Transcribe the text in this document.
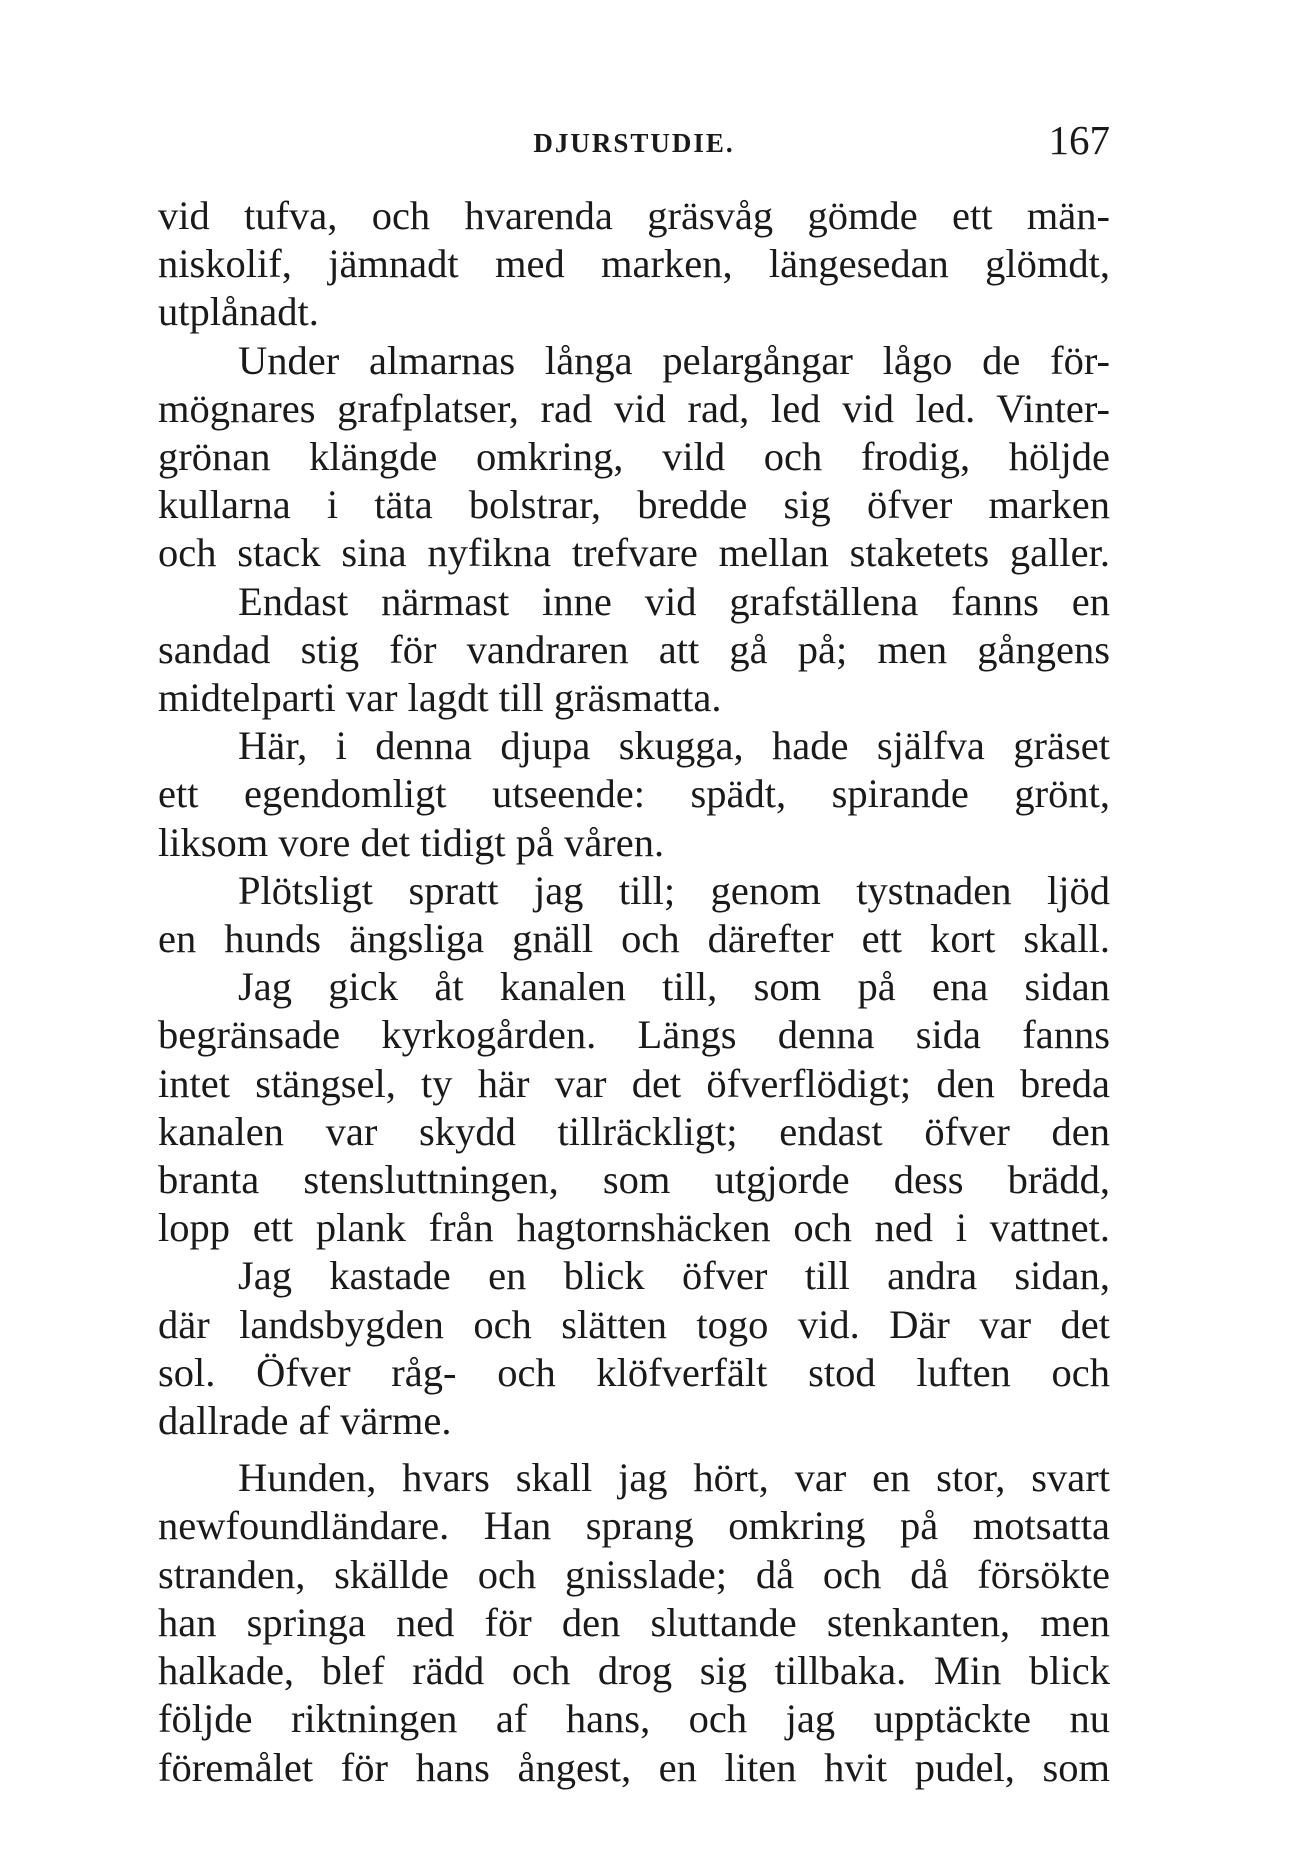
DJURSTUDIE.	167
vid tufva, och hvarenda gräsvåg gömde ett män-
niskolif, jämnadt med marken, längesedan glömdt,
utplånadt.
Under almarnas långa pelargångar lågo de för-
mögnares grafplatser, rad vid rad, led vid led. Vinter-
grönan klängde omkring, vild och frodig, höljde
kullarna i täta bolstrar, bredde sig öfver marken
och stack sina nyfikna trefvare mellan staketets galler.
Endast närmast inne vid grafställena fanns en
sandad stig för vandraren att gå på; men gångens
midtelparti var lagdt till gräsmatta.
Här, i denna djupa skugga, hade själfva gräset
ett egendomligt utseende: spädt, spirande grönt,
liksom vore det tidigt på våren.
Plötsligt spratt jag till; genom tystnaden ljöd
en hunds ängsliga gnäll och därefter ett kort skall.
Jag gick åt kanalen till, som på ena sidan
begränsade kyrkogården. Längs denna sida fanns
intet stängsel, ty här var det öfverflödigt; den breda
kanalen var skydd tillräckligt; endast öfver den
branta stensluttningen, som utgjorde dess brädd,
lopp ett plank från hagtornshäcken och ned i vattnet.
Jag kastade en blick öfver till andra sidan,
där landsbygden och slätten togo vid. Där var det
sol. Öfver råg- och klöfverfält stod luften och
dallrade af värme.
Hunden, hvars skall jag hört, var en stor, svart
newfoundländare. Han sprang omkring på motsatta
stranden, skällde och gnisslade; då och då försökte
han springa ned för den sluttande stenkanten, men
halkade, blef rädd och drog sig tillbaka. Min blick
följde riktningen af hans, och jag upptäckte nu
föremålet för hans ångest, en liten hvit pudel, som
